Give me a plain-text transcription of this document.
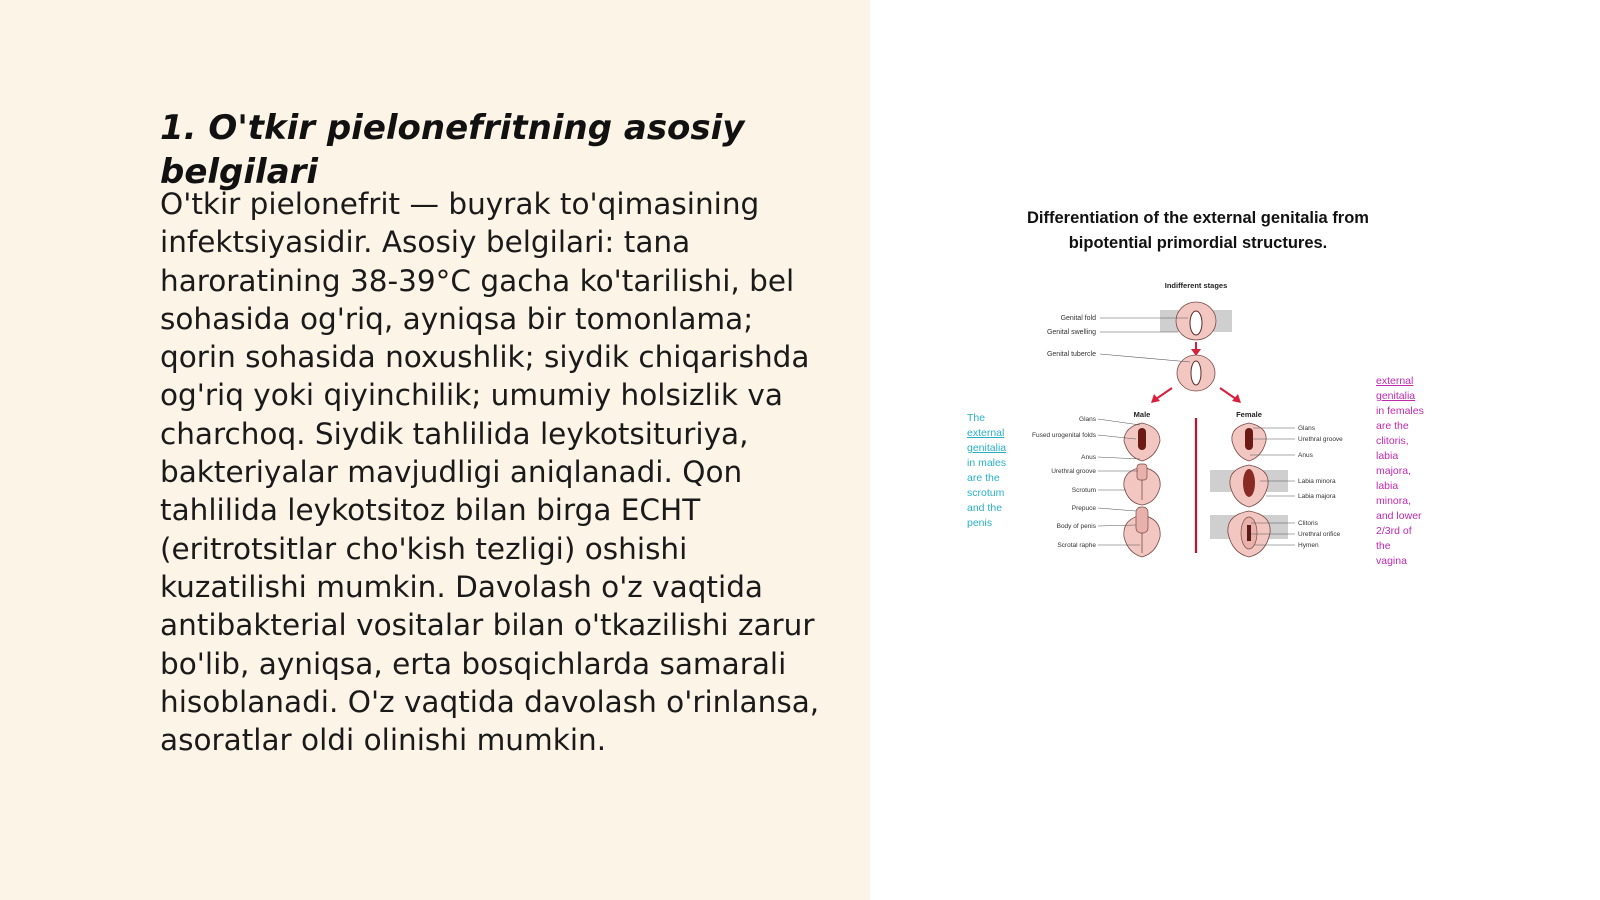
1. O'tkir pielonefritning asosiy belgilari

O'tkir pielonefrit — buyrak to'qimasining infektsiyasidir. Asosiy belgilari: tana haroratining 38-39°C gacha ko'tarilishi, bel sohasida og'riq, ayniqsa bir tomonlama; qorin sohasida noxushlik; siydik chiqarishda og'riq yoki qiyinchilik; umumiy holsizlik va charchoq. Siydik tahlilida leykotsituriya, bakteriyalar mavjudligi aniqlanadi. Qon tahlilida leykotsitoz bilan birga ECHT (eritrotsitlar cho'kish tezligi) oshishi kuzatilishi mumkin. Davolash o'z vaqtida antibakterial vositalar bilan o'tkazilishi zarur bo'lib, ayniqsa, erta bosqichlarda samarali hisoblanadi. O'z vaqtida davolash o'rinlansa, asoratlar oldi olinishi mumkin.

Differentiation of the external genitalia from
bipotential primordial structures.
The
external
genitalia
in males
are the
scrotum
and the
penis
external
genitalia
in females
are the
clitoris,
labia
majora,
labia
minora,
and lower
2/3rd of
the
vagina
Indifferent stages
Genital fold
Genital swelling
Genital tubercle
Male	Female
Glans
Fused urogenital folds
Anus
Urethral groove
Scrotum
Prepuce
Body of penis
Scrotal raphe
Glans
Urethral groove
Anus
Labia minora
Labia majora
Clitoris
Urethral orifice
Hymen
